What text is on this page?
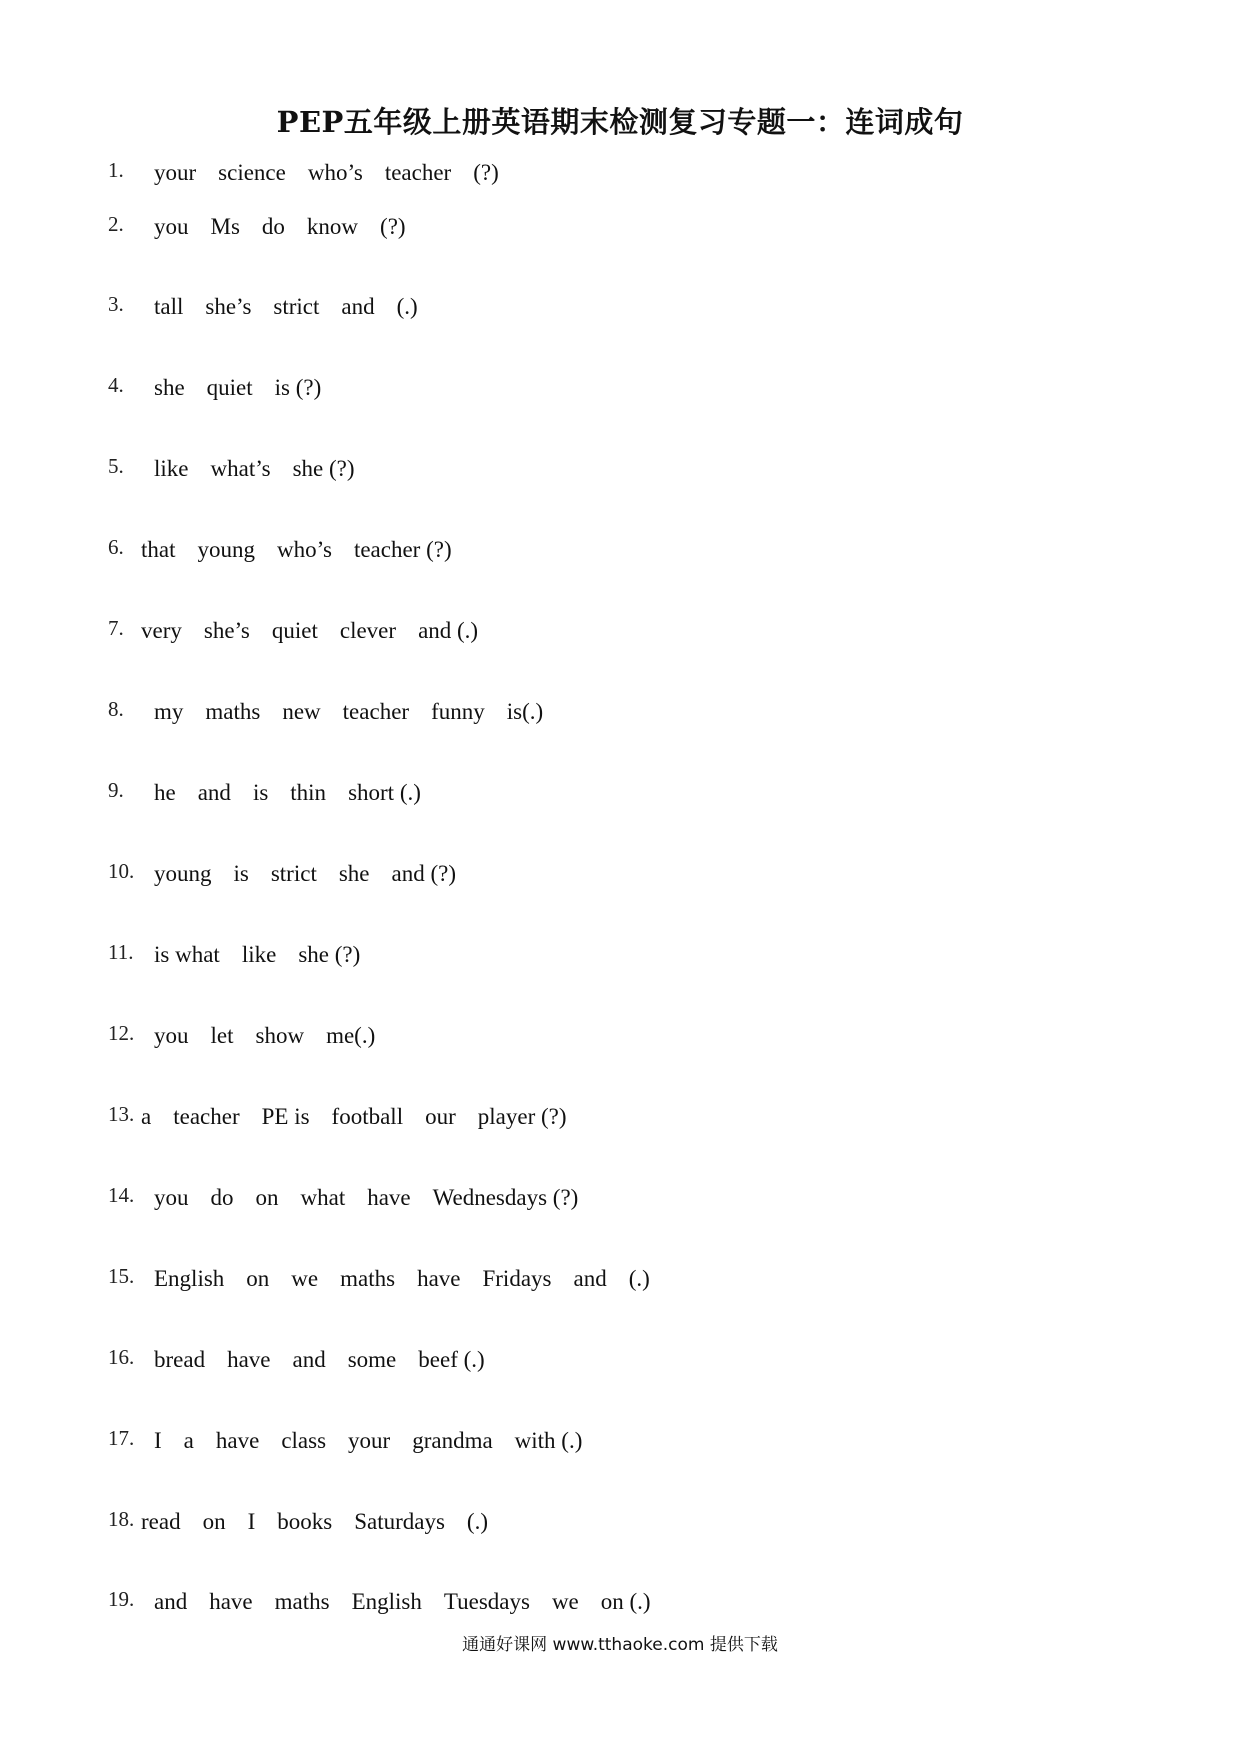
PEP五年级上册英语期末检测复习专题一：连词成句
1. your science who’s teacher (?)
2. you Ms do know (?)
3. tall she’s strict and (.)
4. she quiet is (?)
5. like what’s she (?)
6. that young who’s teacher (?)
7. very she’s quiet clever and (.)
8. my maths new teacher funny is(.)
9. he and is thin short (.)
10. young is strict she and (?)
11. is what like she (?)
12. you let show me(.)
13. a teacher PE is football our player (?)
14. you do on what have Wednesdays (?)
15. English on we maths have Fridays and (.)
16. bread have and some beef (.)
17. I a have class your grandma with (.)
18. read on I books Saturdays (.)
19. and have maths English Tuesdays we on (.)
通通好课网 www.tthaoke.com 提供下载
